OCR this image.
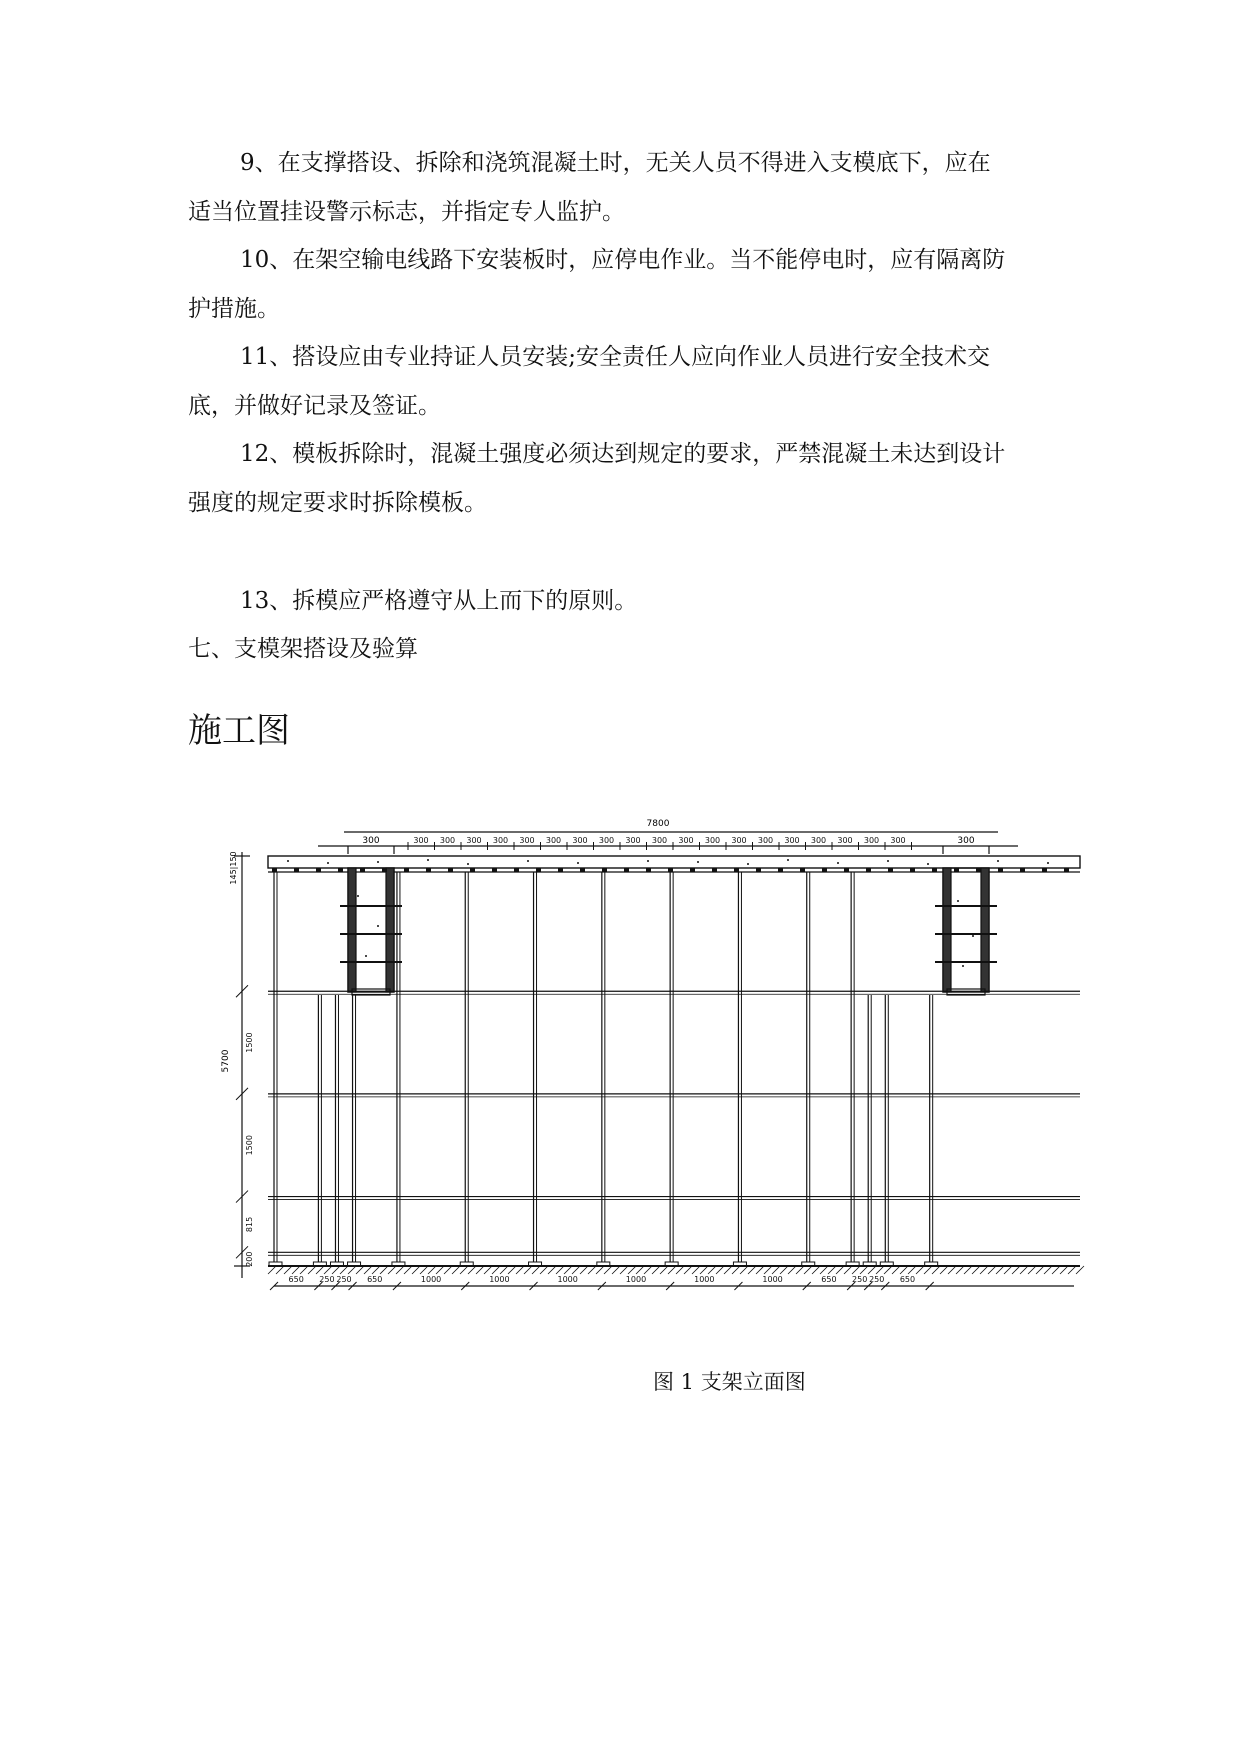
9、在支撑搭设、拆除和浇筑混凝土时，无关人员不得进入支模底下，应在
适当位置挂设警示标志，并指定专人监护。
10、在架空输电线路下安装板时，应停电作业。当不能停电时，应有隔离防
护措施。
11、搭设应由专业持证人员安装;安全责任人应向作业人员进行安全技术交
底，并做好记录及签证。
12、模板拆除时，混凝土强度必须达到规定的要求，严禁混凝土未达到设计
强度的规定要求时拆除模板。
13、拆模应严格遵守从上而下的原则。
七、支模架搭设及验算
施工图
1500
1500
815
200
650 250 250 650	1000	1000	1000	1000	1000	1000	650 250 250 650
300 300 300 300 300 300 300 300 300 300 300 300 300 300 300 300 300 300 300
7800
300	300
145|150
5700
图 1 支架立面图
